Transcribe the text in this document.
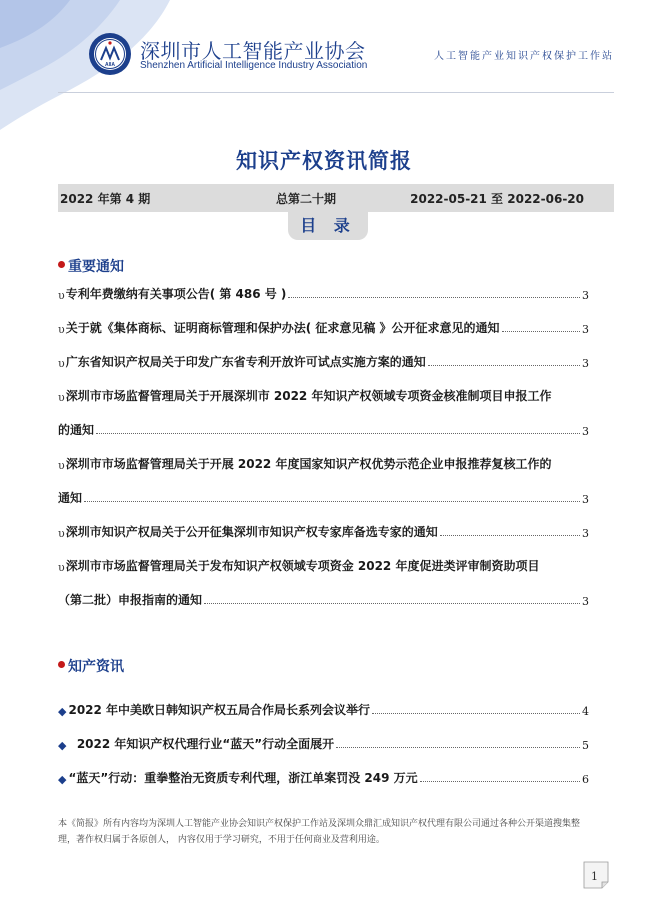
AIIA
深圳市人工智能产业协会
Shenzhen Artificial Intelligence Industry Association
人工智能产业知识产权保护工作站
知识产权资讯简报
2022 年第 4 期	总第二十期	2022-05-21 至 2022-06-20
目 录
重要通知
υ 专利年费缴纳有关事项公告( 第 486 号 )	3
υ 关于就《集体商标、证明商标管理和保护办法( 征求意见稿 》公开征求意见的通知	3
υ 广东省知识产权局关于印发广东省专利开放许可试点实施方案的通知	3
υ 深圳市市场监督管理局关于开展深圳市 2022 年知识产权领域专项资金核准制项目申报工作
的通知	3
υ 深圳市市场监督管理局关于开展 2022 年度国家知识产权优势示范企业申报推荐复核工作的
通知	3
υ 深圳市知识产权局关于公开征集深圳市知识产权专家库备选专家的通知	3
υ 深圳市市场监督管理局关于发布知识产权领域专项资金 2022 年度促进类评审制资助项目
（第二批）申报指南的通知	3
知产资讯
◆ 2022 年中美欧日韩知识产权五局合作局长系列会议举行	4
◆ 2022 年知识产权代理行业“蓝天”行动全面展开	5
◆ “蓝天”行动：重拳整治无资质专利代理，浙江单案罚没 249 万元	6
本《简报》所有内容均为深圳人工智能产业协会知识产权保护工作站及深圳众鼎汇成知识产权代理有限公司通过各种公开渠道搜集整理，著作权归属于各原创人， 内容仅用于学习研究，不用于任何商业及营利用途。
1
